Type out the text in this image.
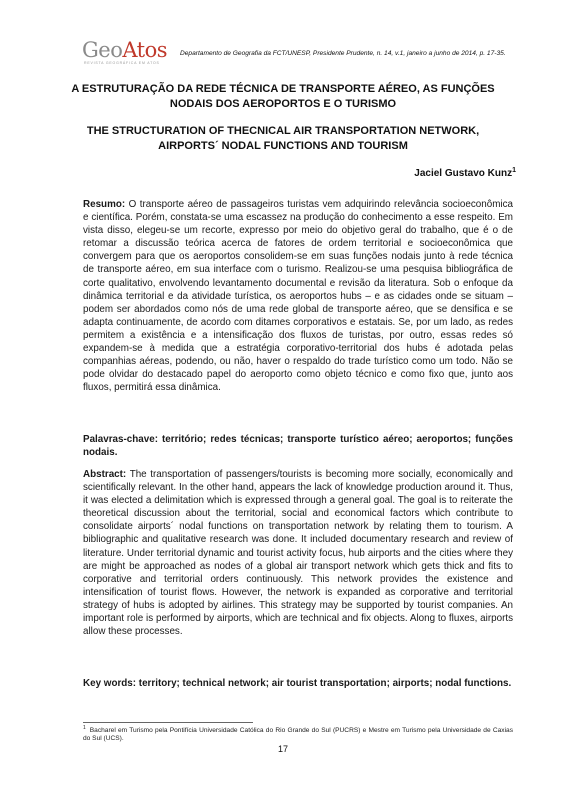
GeoAtos
REVISTA GEOGRÁFICA EM ATOS
Departamento de Geografia da FCT/UNESP, Presidente Prudente, n. 14, v.1, janeiro a junho de 2014, p. 17-35.
A ESTRUTURAÇÃO DA REDE TÉCNICA DE TRANSPORTE AÉREO, AS FUNÇÕES NODAIS DOS AEROPORTOS E O TURISMO
THE STRUCTURATION OF THECNICAL AIR TRANSPORTATION NETWORK, AIRPORTS´ NODAL FUNCTIONS AND TOURISM
Jaciel Gustavo Kunz$^1$
Resumo: O transporte aéreo de passageiros turistas vem adquirindo relevância socioeconômica e científica. Porém, constata-se uma escassez na produção do conhecimento a esse respeito. Em vista disso, elegeu-se um recorte, expresso por meio do objetivo geral do trabalho, que é o de retomar a discussão teórica acerca de fatores de ordem territorial e socioeconômica que convergem para que os aeroportos consolidem-se em suas funções nodais junto à rede técnica de transporte aéreo, em sua interface com o turismo. Realizou-se uma pesquisa bibliográfica de corte qualitativo, envolvendo levantamento documental e revisão da literatura. Sob o enfoque da dinâmica territorial e da atividade turística, os aeroportos hubs – e as cidades onde se situam – podem ser abordados como nós de uma rede global de transporte aéreo, que se densifica e se adapta continuamente, de acordo com ditames corporativos e estatais. Se, por um lado, as redes permitem a existência e a intensificação dos fluxos de turistas, por outro, essas redes só expandem-se à medida que a estratégia corporativo-territorial dos hubs é adotada pelas companhias aéreas, podendo, ou não, haver o respaldo do trade turístico como um todo. Não se pode olvidar do destacado papel do aeroporto como objeto técnico e como fixo que, junto aos fluxos, permitirá essa dinâmica.
Palavras-chave: território; redes técnicas; transporte turístico aéreo; aeroportos; funções nodais.
Abstract: The transportation of passengers/tourists is becoming more socially, economically and scientifically relevant. In the other hand, appears the lack of knowledge production around it. Thus, it was elected a delimitation which is expressed through a general goal. The goal is to reiterate the theoretical discussion about the territorial, social and economical factors which contribute to consolidate airports´ nodal functions on transportation network by relating them to tourism. A bibliographic and qualitative research was done. It included documentary research and review of literature. Under territorial dynamic and tourist activity focus, hub airports and the cities where they are might be approached as nodes of a global air transport network which gets thick and fits to corporative and territorial orders continuously. This network provides the existence and intensification of tourist flows. However, the network is expanded as corporative and territorial strategy of hubs is adopted by airlines. This strategy may be supported by tourist companies. An important role is performed by airports, which are technical and fix objects. Along to fluxes, airports allow these processes.
Key words: territory; technical network; air tourist transportation; airports; nodal functions.
$^1$ Bacharel em Turismo pela Pontifícia Universidade Católica do Rio Grande do Sul (PUCRS) e Mestre em Turismo pela Universidade de Caxias do Sul (UCS).
17
